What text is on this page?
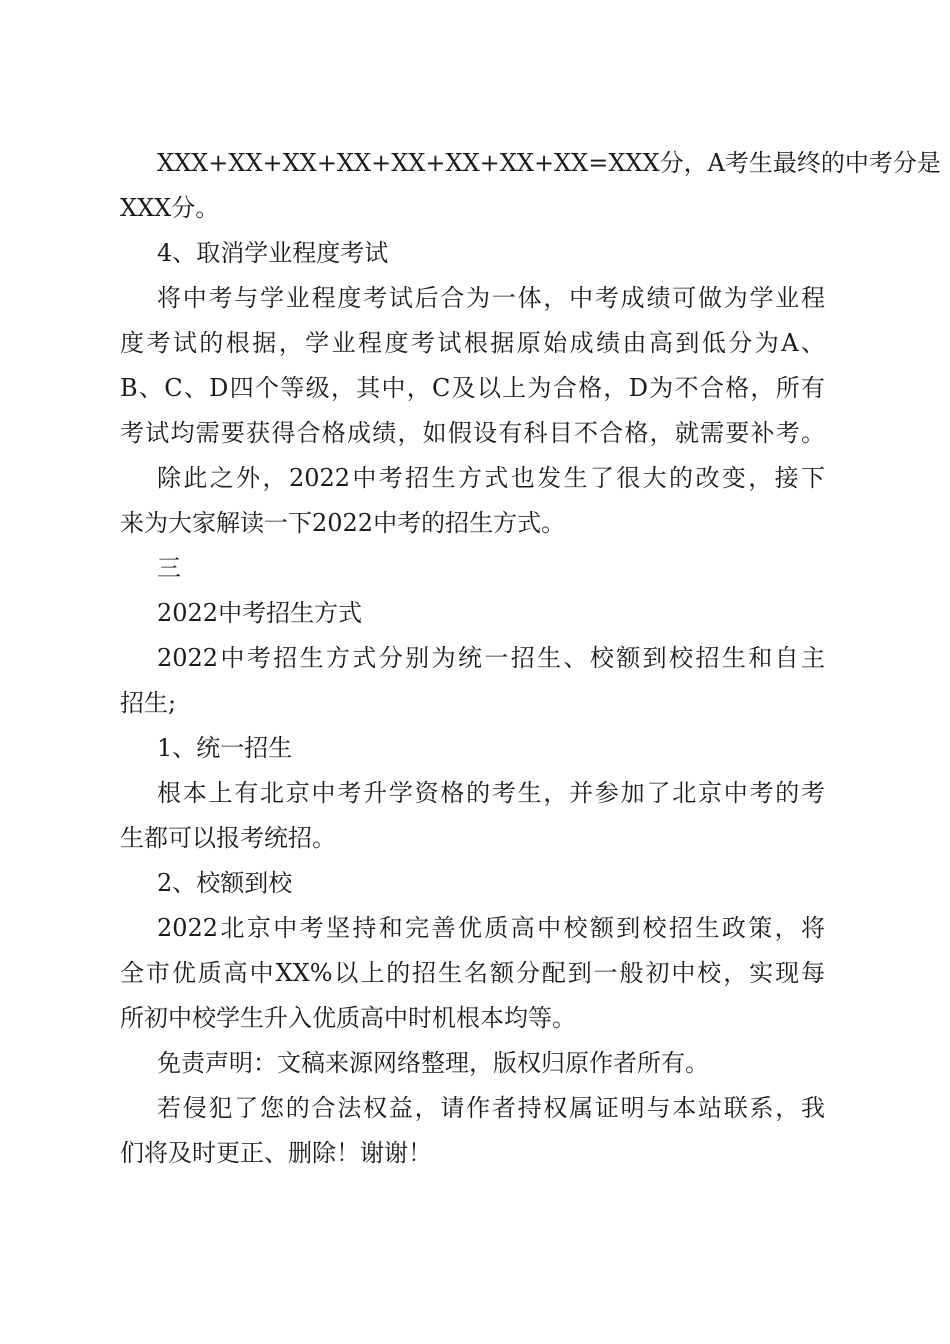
XXX+XX+XX+XX+XX+XX+XX+XX=XXX分，A考生最终的中考分是
XXX分。
4、取消学业程度考试
将中考与学业程度考试后合为一体，中考成绩可做为学业程
度考试的根据，学业程度考试根据原始成绩由高到低分为A、
B、C、D四个等级，其中，C及以上为合格，D为不合格，所有
考试均需要获得合格成绩，如假设有科目不合格，就需要补考。
除此之外，2022中考招生方式也发生了很大的改变，接下
来为大家解读一下2022中考的招生方式。
三
2022中考招生方式
2022中考招生方式分别为统一招生、校额到校招生和自主
招生;
1、统一招生
根本上有北京中考升学资格的考生，并参加了北京中考的考
生都可以报考统招。
2、校额到校
2022北京中考坚持和完善优质高中校额到校招生政策，将
全市优质高中XX%以上的招生名额分配到一般初中校，实现每
所初中校学生升入优质高中时机根本均等。
免责声明：文稿来源网络整理，版权归原作者所有。
若侵犯了您的合法权益，请作者持权属证明与本站联系，我
们将及时更正、删除！谢谢！
